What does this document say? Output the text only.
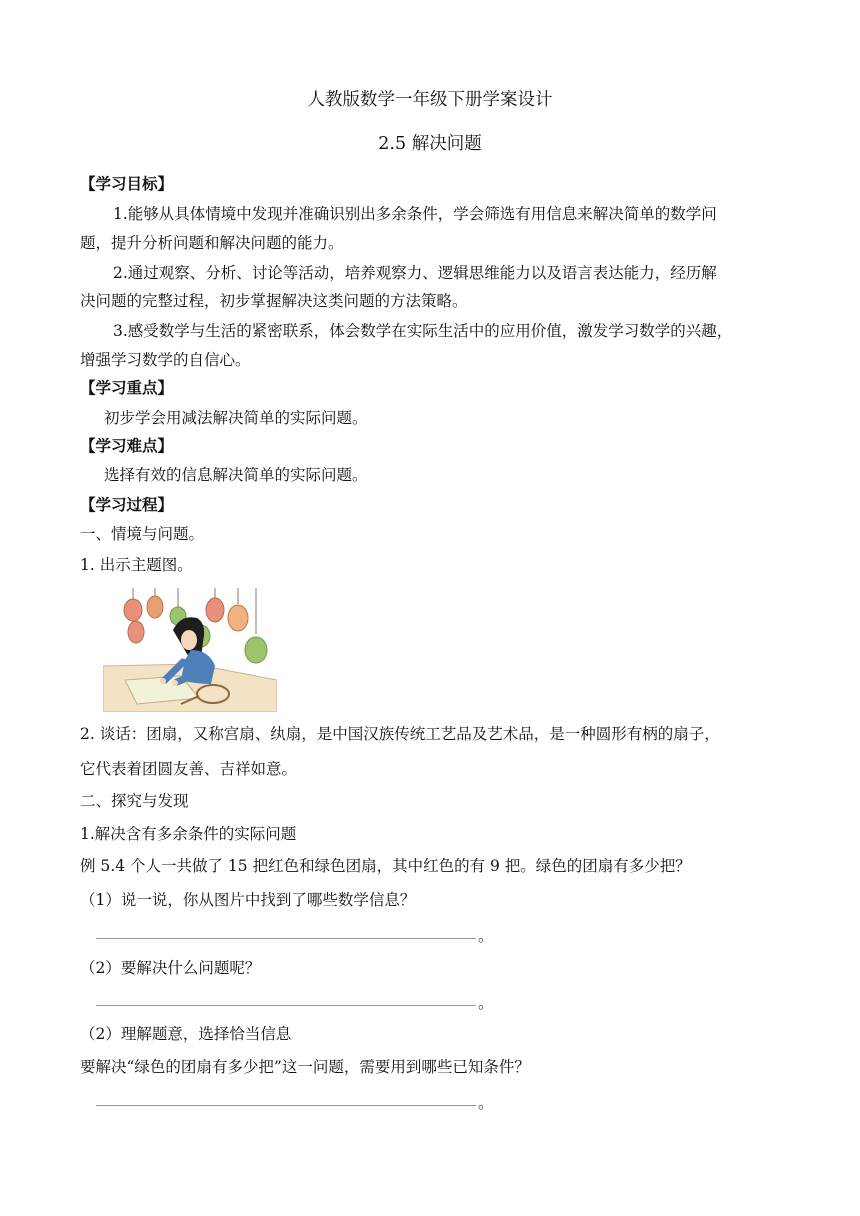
人教版数学一年级下册学案设计
2.5 解决问题
【学习目标】
1.能够从具体情境中发现并准确识别出多余条件，学会筛选有用信息来解决简单的数学问
题，提升分析问题和解决问题的能力。
2.通过观察、分析、讨论等活动，培养观察力、逻辑思维能力以及语言表达能力，经历解
决问题的完整过程，初步掌握解决这类问题的方法策略。
3.感受数学与生活的紧密联系，体会数学在实际生活中的应用价值，激发学习数学的兴趣，
增强学习数学的自信心。
【学习重点】
初步学会用减法解决简单的实际问题。
【学习难点】
选择有效的信息解决简单的实际问题。
【学习过程】
一、情境与问题。
1. 出示主题图。
2. 谈话：团扇，又称宫扇、纨扇，是中国汉族传统工艺品及艺术品，是一种圆形有柄的扇子，
它代表着团圆友善、吉祥如意。
二、探究与发现
1.解决含有多余条件的实际问题
例 5.4 个人一共做了 15 把红色和绿色团扇，其中红色的有 9 把。绿色的团扇有多少把？
（1）说一说，你从图片中找到了哪些数学信息？
。
（2）要解决什么问题呢？
。
（2）理解题意，选择恰当信息
要解决“绿色的团扇有多少把”这一问题，需要用到哪些已知条件？
。
